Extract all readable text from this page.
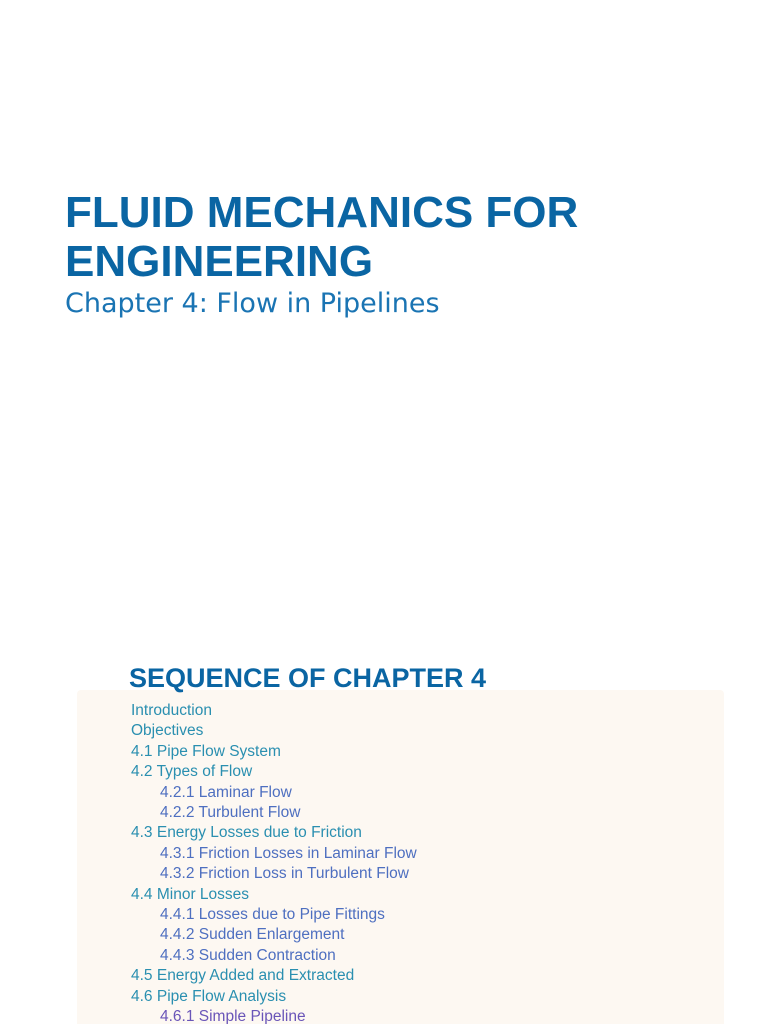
FLUID MECHANICS FOR
ENGINEERING
Chapter 4: Flow in Pipelines
SEQUENCE OF CHAPTER 4
Introduction
Objectives
4.1 Pipe Flow System
4.2 Types of Flow
4.2.1 Laminar Flow
4.2.2 Turbulent Flow
4.3 Energy Losses due to Friction
4.3.1 Friction Losses in Laminar Flow
4.3.2 Friction Loss in Turbulent Flow
4.4 Minor Losses
4.4.1 Losses due to Pipe Fittings
4.4.2 Sudden Enlargement
4.4.3 Sudden Contraction
4.5 Energy Added and Extracted
4.6 Pipe Flow Analysis
4.6.1 Simple Pipeline
